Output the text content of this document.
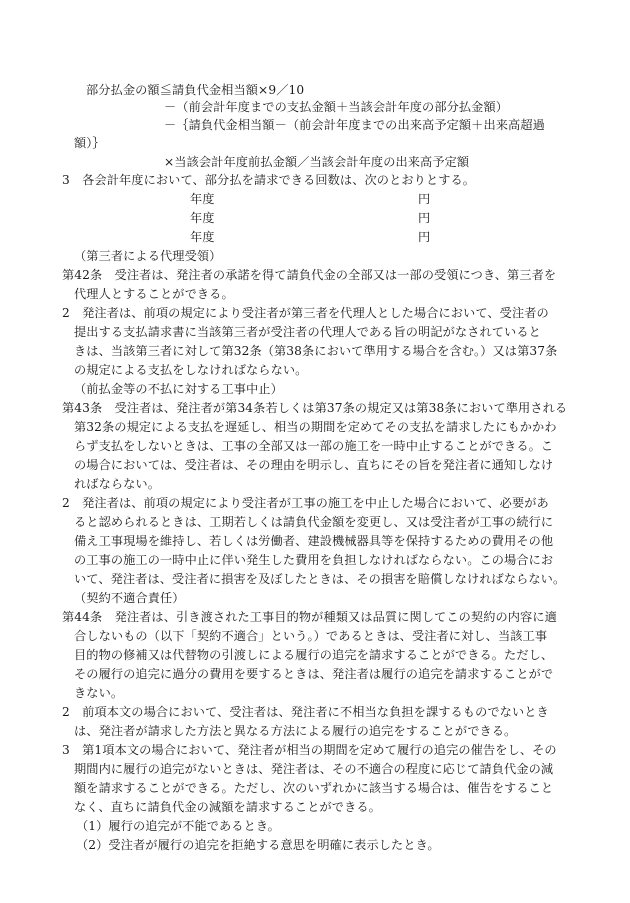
部分払金の額≦請負代金相当額×9／10
－（前会計年度までの支払金額＋当該会計年度の部分払金額）
－｛請負代金相当額－（前会計年度までの出来高予定額＋出来高超過
額）｝
×当該会計年度前払金額／当該会計年度の出来高予定額
3　各会計年度において、部分払を請求できる回数は、次のとおりとする。
年度	円
年度	円
年度	円
（第三者による代理受領）
第42条　受注者は、発注者の承諾を得て請負代金の全部又は一部の受領につき、第三者を
代理人とすることができる。
2　発注者は、前項の規定により受注者が第三者を代理人とした場合において、受注者の
提出する支払請求書に当該第三者が受注者の代理人である旨の明記がなされていると
きは、当該第三者に対して第32条（第38条において準用する場合を含む。）又は第37条
の規定による支払をしなければならない。
（前払金等の不払に対する工事中止）
第43条　受注者は、発注者が第34条若しくは第37条の規定又は第38条において準用される
第32条の規定による支払を遅延し、相当の期間を定めてその支払を請求したにもかかわ
らず支払をしないときは、工事の全部又は一部の施工を一時中止することができる。こ
の場合においては、受注者は、その理由を明示し、直ちにその旨を発注者に通知しなけ
ればならない。
2　発注者は、前項の規定により受注者が工事の施工を中止した場合において、必要があ
ると認められるときは、工期若しくは請負代金額を変更し、又は受注者が工事の続行に
備え工事現場を維持し、若しくは労働者、建設機械器具等を保持するための費用その他
の工事の施工の一時中止に伴い発生した費用を負担しなければならない。この場合にお
いて、発注者は、受注者に損害を及ぼしたときは、その損害を賠償しなければならない。
（契約不適合責任）
第44条　発注者は、引き渡された工事目的物が種類又は品質に関してこの契約の内容に適
合しないもの（以下「契約不適合」という。）であるときは、受注者に対し、当該工事
目的物の修補又は代替物の引渡しによる履行の追完を請求することができる。ただし、
その履行の追完に過分の費用を要するときは、発注者は履行の追完を請求することがで
きない。
2　前項本文の場合において、受注者は、発注者に不相当な負担を課するものでないとき
は、発注者が請求した方法と異なる方法による履行の追完をすることができる。
3　第1項本文の場合において、発注者が相当の期間を定めて履行の追完の催告をし、その
期間内に履行の追完がないときは、発注者は、その不適合の程度に応じて請負代金の減
額を請求することができる。ただし、次のいずれかに該当する場合は、催告をすること
なく、直ちに請負代金の減額を請求することができる。
（1）履行の追完が不能であるとき。
（2）受注者が履行の追完を拒絶する意思を明確に表示したとき。
